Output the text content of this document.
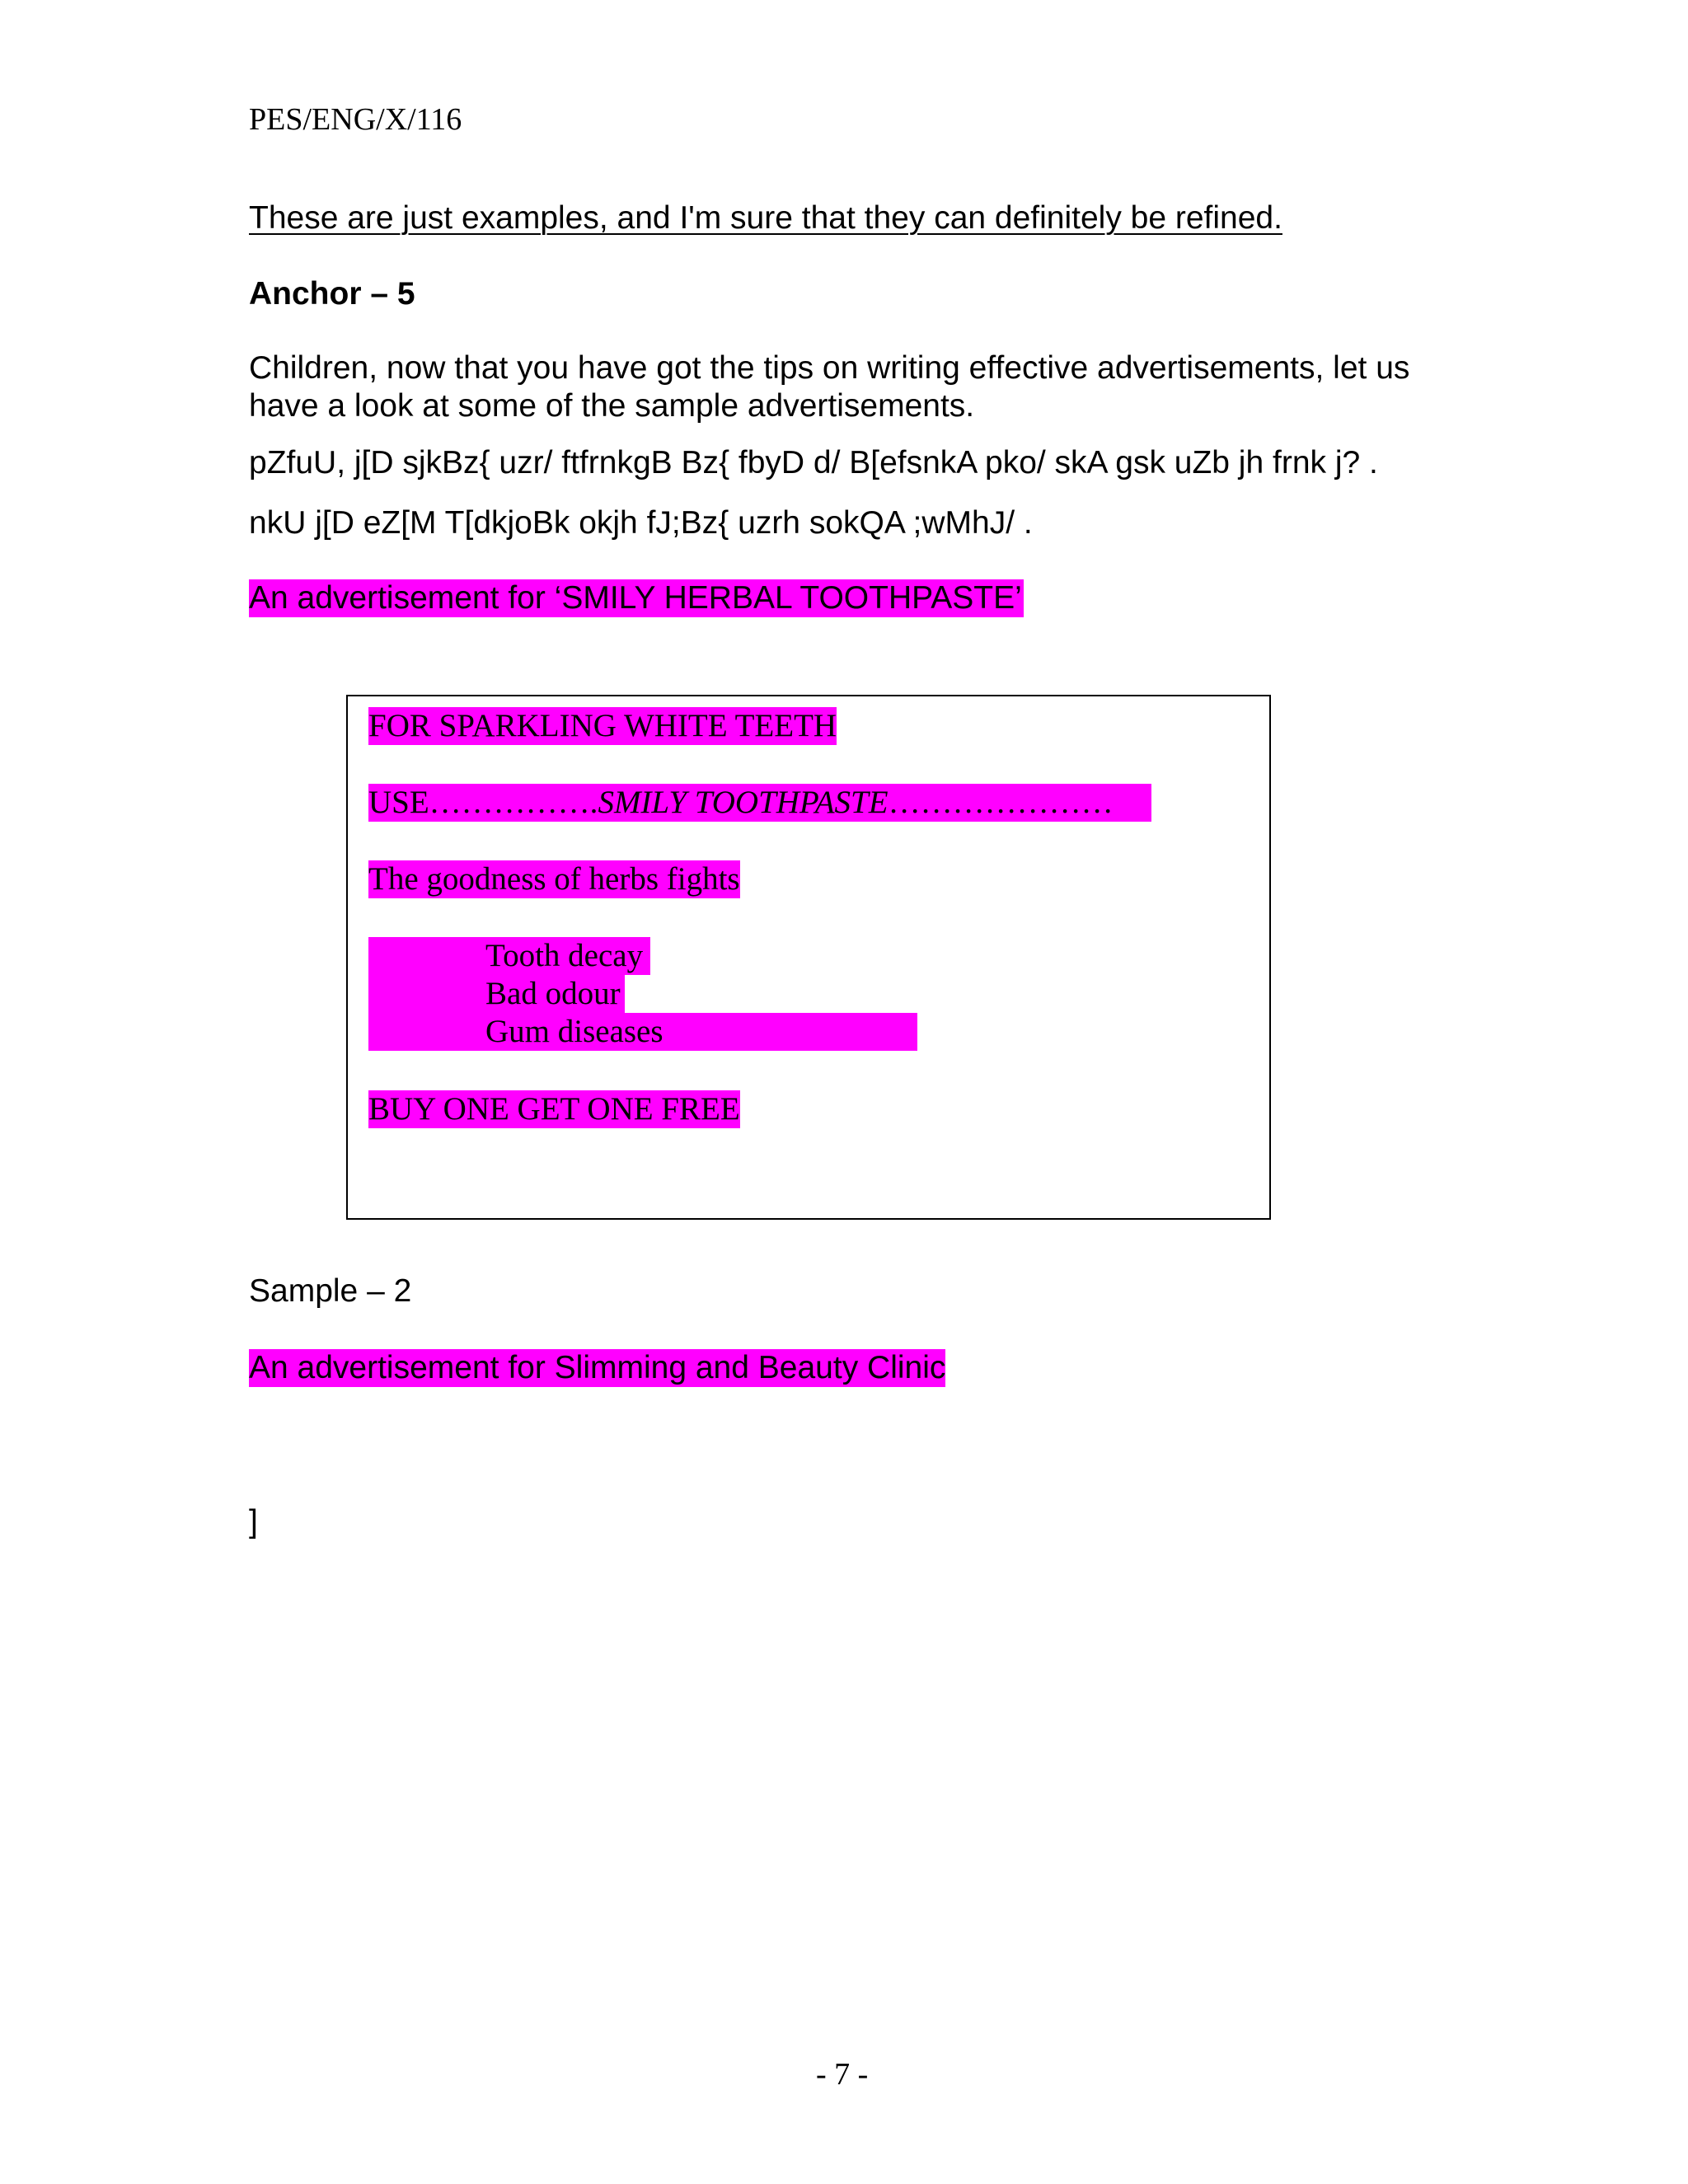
PES/ENG/X/116
These are just examples, and I'm sure that they can definitely be refined.
Anchor – 5
Children, now that you have got the tips on writing effective advertisements, let us have a look at some of the sample advertisements.
pZfuU, j[D sjkBz{ uzr/ ftfrnkgB Bz{ fbyD d/ B[efsnkA pko/ skA gsk uZb jh frnk j? .
nkU j[D eZ[M T[dkjoBk okjh fJ;Bz{ uzrh sokQA ;wMhJ/ .
An advertisement for ‘SMILY HERBAL TOOTHPASTE’
FOR SPARKLING WHITE TEETH
USE…………….SMILY TOOTHPASTE…………………
The goodness of herbs fights
Tooth decay
Bad odour
Gum diseases
BUY ONE GET ONE FREE
Sample – 2
An advertisement for Slimming and Beauty Clinic
]
- 7 -
